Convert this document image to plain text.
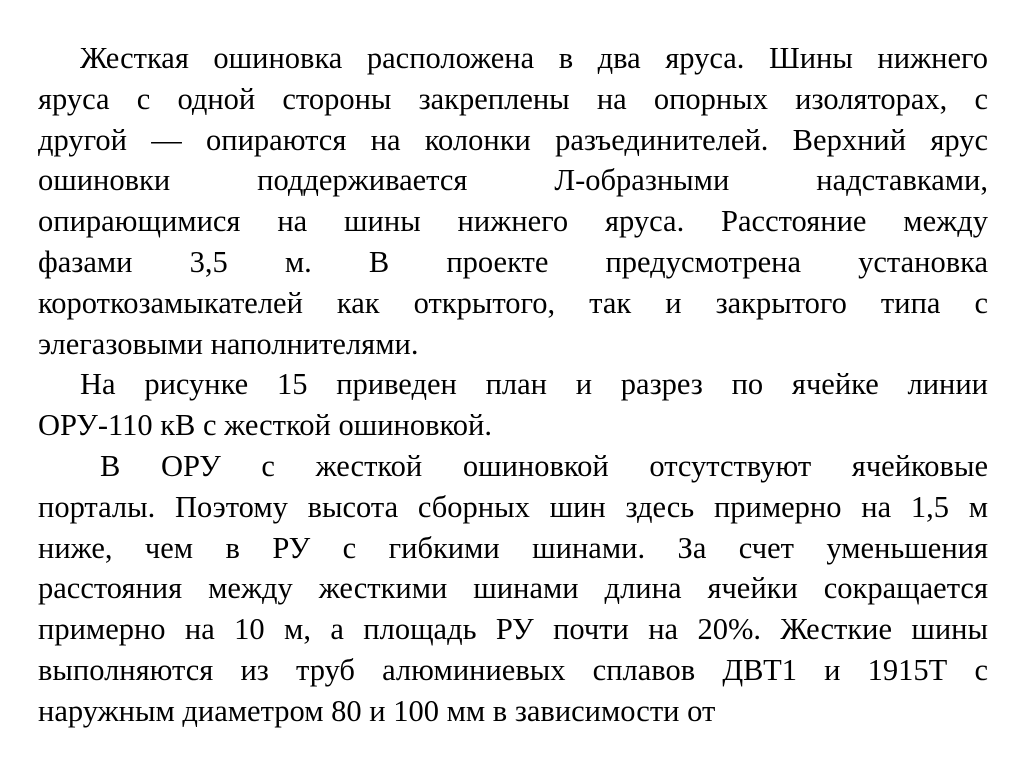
Жесткая ошиновка расположена в два яруса. Шины нижнего
яруса с одной стороны закреплены на опорных изоляторах, с
другой — опираются на колонки разъединителей. Верхний ярус
ошиновки поддерживается Л-образными надставками,
опирающимися на шины нижнего яруса. Расстояние между
фазами 3,5 м. В проекте предусмотрена установка
короткозамыкателей как открытого, так и закрытого типа с
элегазовыми наполнителями.
На рисунке 15 приведен план и разрез по ячейке линии
ОРУ-110 кВ с жесткой ошиновкой.
В ОРУ с жесткой ошиновкой отсутствуют ячейковые
порталы. Поэтому высота сборных шин здесь примерно на 1,5 м
ниже, чем в РУ с гибкими шинами. За счет уменьшения
расстояния между жесткими шинами длина ячейки сокращается
примерно на 10 м, а площадь РУ почти на 20%. Жесткие шины
выполняются из труб алюминиевых сплавов ДВТ1 и 1915Т с
наружным диаметром 80 и 100 мм в зависимости от
